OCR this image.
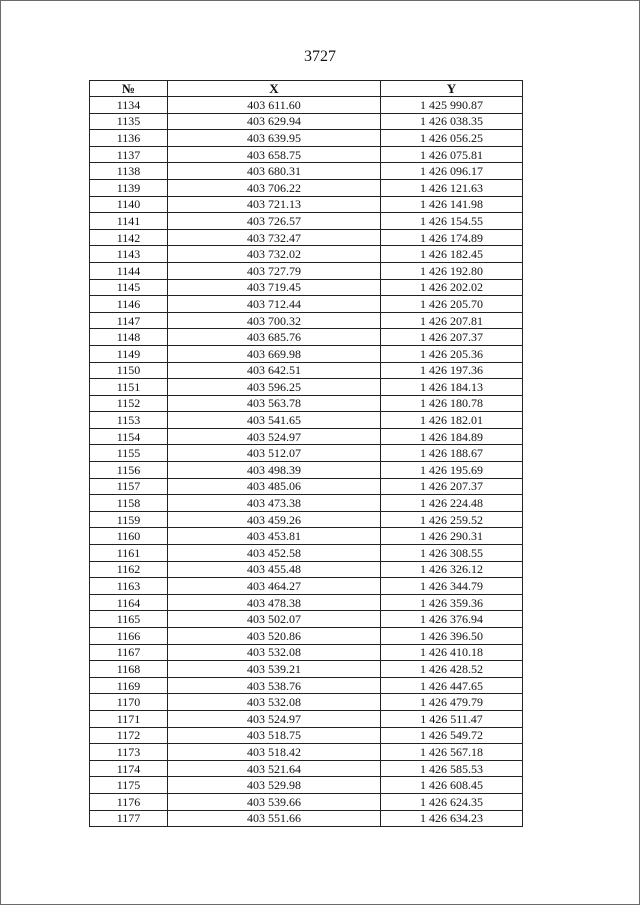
3727
№	X	Y
1134	403 611.60	1 425 990.87
1135	403 629.94	1 426 038.35
1136	403 639.95	1 426 056.25
1137	403 658.75	1 426 075.81
1138	403 680.31	1 426 096.17
1139	403 706.22	1 426 121.63
1140	403 721.13	1 426 141.98
1141	403 726.57	1 426 154.55
1142	403 732.47	1 426 174.89
1143	403 732.02	1 426 182.45
1144	403 727.79	1 426 192.80
1145	403 719.45	1 426 202.02
1146	403 712.44	1 426 205.70
1147	403 700.32	1 426 207.81
1148	403 685.76	1 426 207.37
1149	403 669.98	1 426 205.36
1150	403 642.51	1 426 197.36
1151	403 596.25	1 426 184.13
1152	403 563.78	1 426 180.78
1153	403 541.65	1 426 182.01
1154	403 524.97	1 426 184.89
1155	403 512.07	1 426 188.67
1156	403 498.39	1 426 195.69
1157	403 485.06	1 426 207.37
1158	403 473.38	1 426 224.48
1159	403 459.26	1 426 259.52
1160	403 453.81	1 426 290.31
1161	403 452.58	1 426 308.55
1162	403 455.48	1 426 326.12
1163	403 464.27	1 426 344.79
1164	403 478.38	1 426 359.36
1165	403 502.07	1 426 376.94
1166	403 520.86	1 426 396.50
1167	403 532.08	1 426 410.18
1168	403 539.21	1 426 428.52
1169	403 538.76	1 426 447.65
1170	403 532.08	1 426 479.79
1171	403 524.97	1 426 511.47
1172	403 518.75	1 426 549.72
1173	403 518.42	1 426 567.18
1174	403 521.64	1 426 585.53
1175	403 529.98	1 426 608.45
1176	403 539.66	1 426 624.35
1177	403 551.66	1 426 634.23
